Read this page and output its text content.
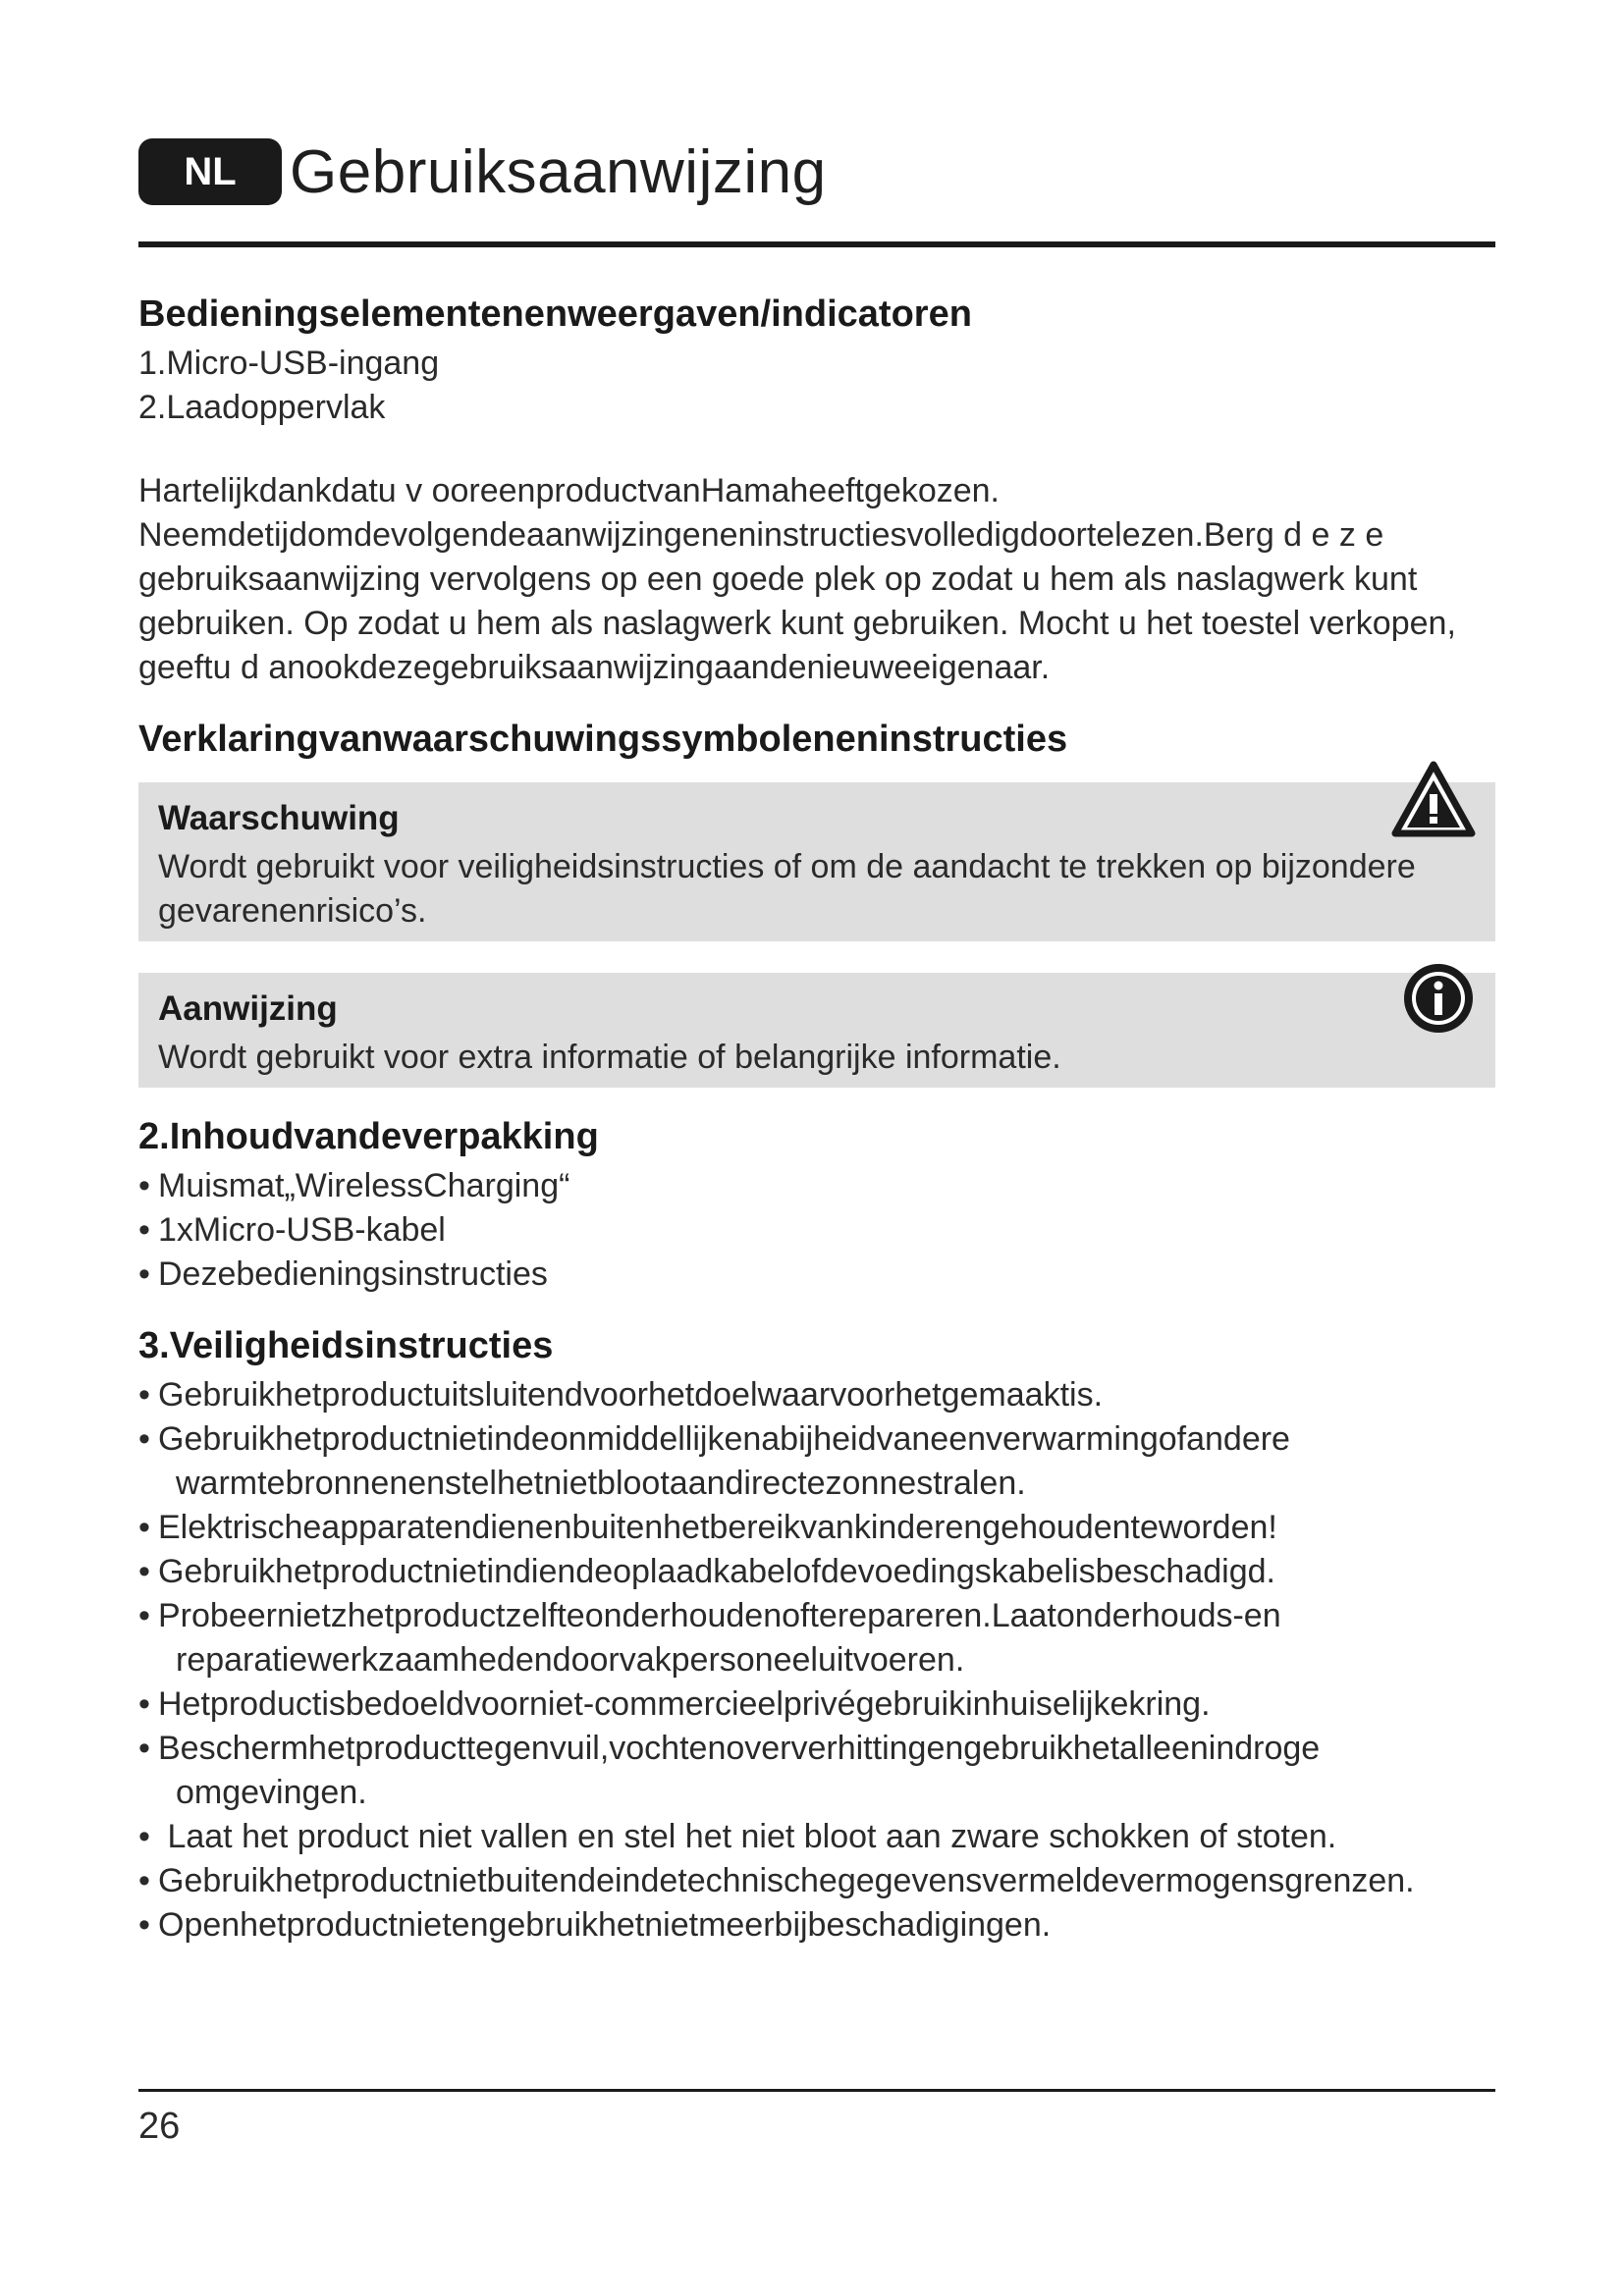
NL Gebruiksaanwijzing
Bedieningselementenenweergaven/indicatoren
1.Micro-USB-ingang
2.Laadoppervlak
Hartelijkdankdatu v ooreenproductvanHamaheeftgekozen.
Neemdetijdomdevolgendeaanwijzingeneninstructiesvolledigdoortelezen.Berg d e z e
gebruiksaanwijzing vervolgens op een goede plek op zodat u hem als naslagwerk kunt
gebruiken. Op zodat u hem als naslagwerk kunt gebruiken. Mocht u het toestel verkopen,
geeftu d anookdezegebruiksaanwijzingaandenieuweeigenaar.
Verklaringvanwaarschuwingssymboleneninstructies
Waarschuwing
Wordt gebruikt voor veiligheidsinstructies of om de aandacht te trekken op bijzondere
gevarenenrisico’s.
Aanwijzing
Wordt gebruikt voor extra informatie of belangrijke informatie.
2.Inhoudvandeverpakking
• Muismat„WirelessCharging“
• 1xMicro-USB-kabel
• Dezebedieningsinstructies
3.Veiligheidsinstructies
• Gebruikhetproductuitsluitendvoorhetdoelwaarvoorhetgemaaktis.
• Gebruikhetproductnietindeonmiddellijkenabijheidvaneenverwarmingofandere
warmtebronnenenstelhetnietblootaandirectezonnestralen.
• Elektrischeapparatendienenbuitenhetbereikvankinderengehoudenteworden!
• Gebruikhetproductnietindiendeoplaadkabelofdevoedingskabelisbeschadigd.
• Probeernietzhetproductzelfteonderhoudenofterepareren.Laatonderhouds-en
reparatiewerkzaamhedendoorvakpersoneeluitvoeren.
• Hetproductisbedoeldvoorniet-commercieelprivégebruikinhuiselijkekring.
• Beschermhetproducttegenvuil,vochtenoververhittingengebruikhetalleenindroge
omgevingen.
• Laat het product niet vallen en stel het niet bloot aan zware schokken of stoten.
• Gebruikhetproductnietbuitendeindetechnischegegevensvermeldevermogensgrenzen.
• Openhetproductnietengebruikhetnietmeerbijbeschadigingen.
26
